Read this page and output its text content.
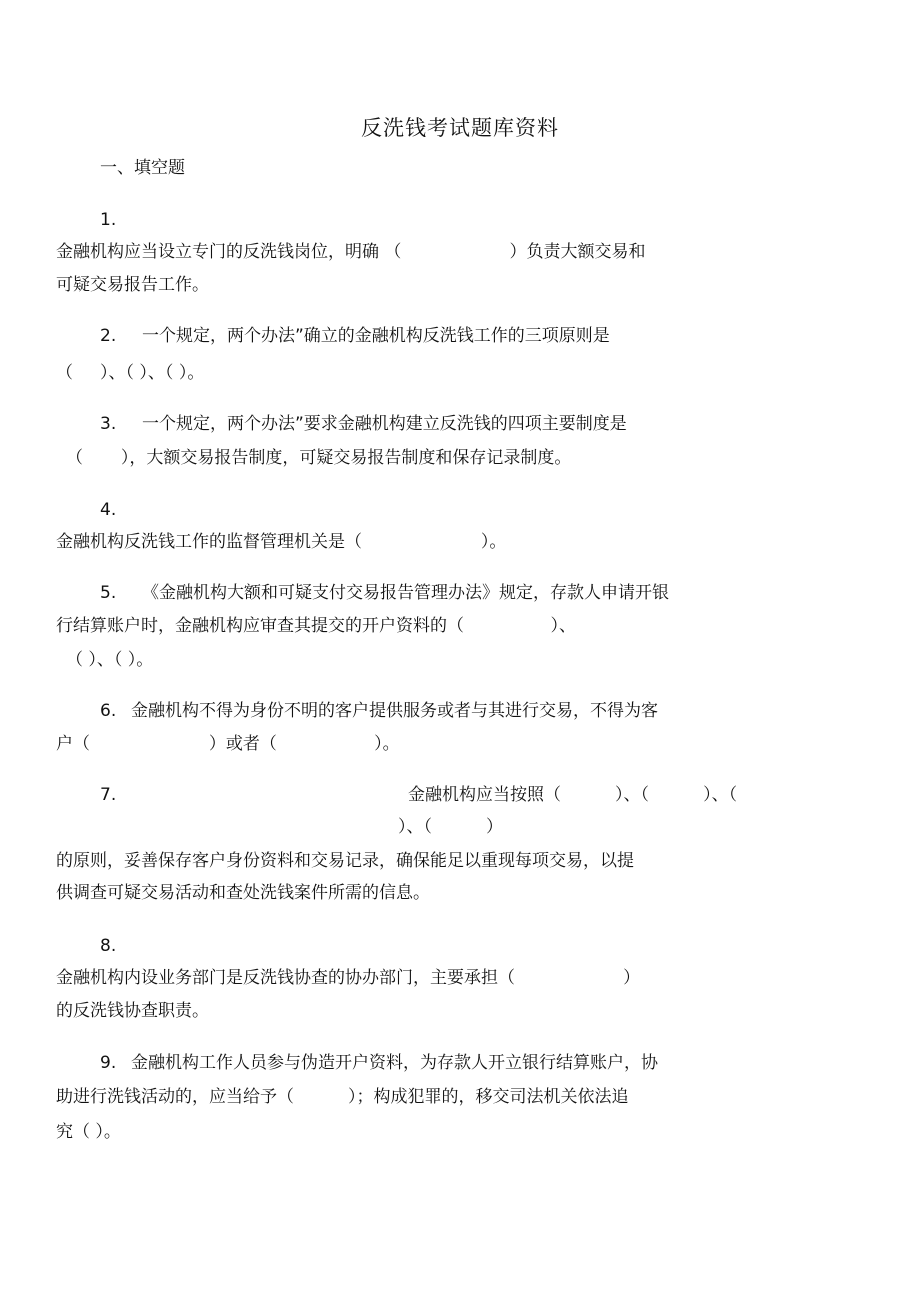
反洗钱考试题库资料
一、填空题
1.
金融机构应当设立专门的反洗钱岗位，明确 （                    ）负责大额交易和
可疑交易报告工作。
2. 一个规定，两个办法”确立的金融机构反洗钱工作的三项原则是
（     ）、（ ）、（ ）。
3. 一个规定，两个办法”要求金融机构建立反洗钱的四项主要制度是
（       ），大额交易报告制度，可疑交易报告制度和保存记录制度。
4.
金融机构反洗钱工作的监督管理机关是（                      ）。
5. 《金融机构大额和可疑支付交易报告管理办法》规定，存款人申请开银
行结算账户时，金融机构应审查其提交的开户资料的（                ）、
（ ）、（ ）。
6. 金融机构不得为身份不明的客户提供服务或者与其进行交易，不得为客
户（                      ）或者（                  ）。
7.	金融机构应当按照（          ）、（          ）、（
）、（          ）
的原则，妥善保存客户身份资料和交易记录，确保能足以重现每项交易，以提
供调查可疑交易活动和查处洗钱案件所需的信息。
8.
金融机构内设业务部门是反洗钱协查的协办部门，主要承担（                    ）
的反洗钱协查职责。
9. 金融机构工作人员参与伪造开户资料，为存款人开立银行结算账户，协
助进行洗钱活动的，应当给予（          ）；构成犯罪的，移交司法机关依法追
究（ ）。
